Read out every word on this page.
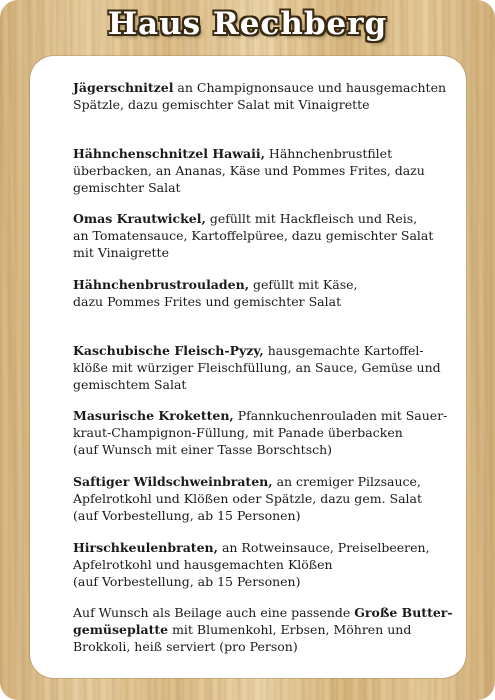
Haus Rechberg

Jägerschnitzel an Champignonsauce und hausgemachten
Spätzle, dazu gemischter Salat mit Vinaigrette

Hähnchenschnitzel Hawaii, Hähnchenbrustfilet
überbacken, an Ananas, Käse und Pommes Frites, dazu
gemischter Salat

Omas Krautwickel, gefüllt mit Hackfleisch und Reis,
an Tomatensauce, Kartoffelpüree, dazu gemischter Salat
mit Vinaigrette

Hähnchenbrustrouladen, gefüllt mit Käse,
dazu Pommes Frites und gemischter Salat

Kaschubische Fleisch-Pyzy, hausgemachte Kartoffel-
klöße mit würziger Fleischfüllung, an Sauce, Gemüse und
gemischtem Salat

Masurische Kroketten, Pfannkuchenrouladen mit Sauer-
kraut-Champignon-Füllung, mit Panade überbacken
(auf Wunsch mit einer Tasse Borschtsch)

Saftiger Wildschweinbraten, an cremiger Pilzsauce,
Apfelrotkohl und Klößen oder Spätzle, dazu gem. Salat
(auf Vorbestellung, ab 15 Personen)

Hirschkeulenbraten, an Rotweinsauce, Preiselbeeren,
Apfelrotkohl und hausgemachten Klößen
(auf Vorbestellung, ab 15 Personen)

Auf Wunsch als Beilage auch eine passende Große Butter-
gemüseplatte mit Blumenkohl, Erbsen, Möhren und
Brokkoli, heiß serviert (pro Person)
